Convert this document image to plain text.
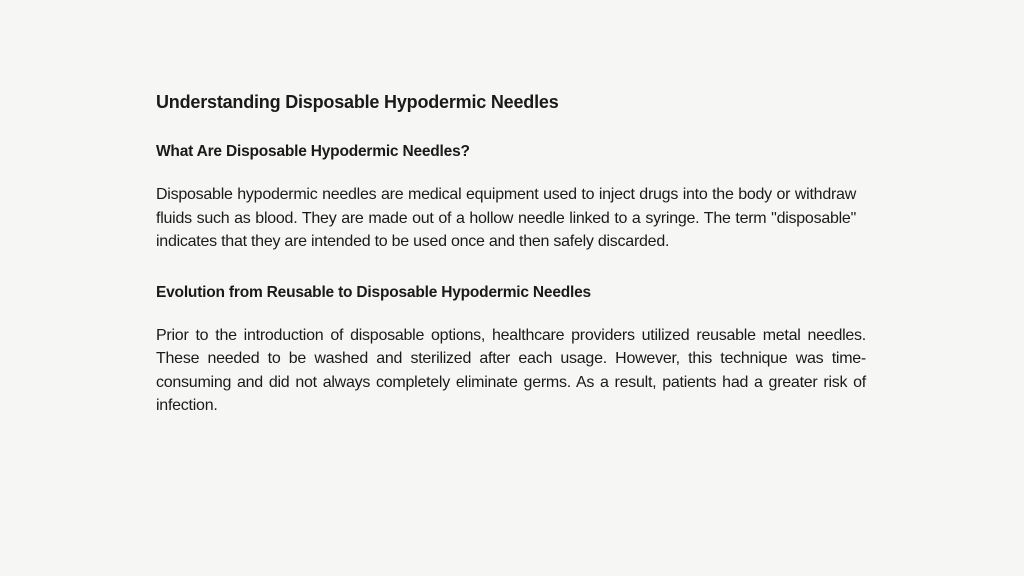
Understanding Disposable Hypodermic Needles
What Are Disposable Hypodermic Needles?

Disposable hypodermic needles are medical equipment used to inject drugs into the body or withdraw fluids such as blood. They are made out of a hollow needle linked to a syringe. The term "disposable" indicates that they are intended to be used once and then safely discarded.

Evolution from Reusable to Disposable Hypodermic Needles

Prior to the introduction of disposable options, healthcare providers utilized reusable metal needles. These needed to be washed and sterilized after each usage. However, this technique was time-consuming and did not always completely eliminate germs. As a result, patients had a greater risk of infection.
